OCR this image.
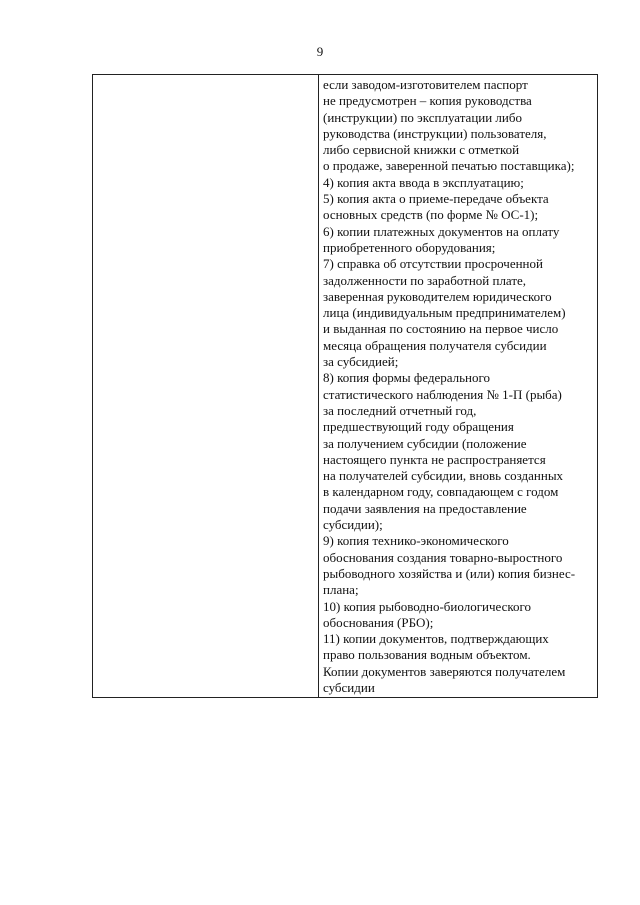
9

если заводом-изготовителем паспорт
не предусмотрен – копия руководства
(инструкции) по эксплуатации либо
руководства (инструкции) пользователя,
либо сервисной книжки с отметкой
о продаже, заверенной печатью поставщика);
4) копия акта ввода в эксплуатацию;
5) копия акта о приеме-передаче объекта
основных средств (по форме № ОС-1);
6) копии платежных документов на оплату
приобретенного оборудования;
7) справка об отсутствии просроченной
задолженности по заработной плате,
заверенная руководителем юридического
лица (индивидуальным предпринимателем)
и выданная по состоянию на первое число
месяца обращения получателя субсидии
за субсидией;
8) копия формы федерального
статистического наблюдения № 1-П (рыба)
за последний отчетный год,
предшествующий году обращения
за получением субсидии (положение
настоящего пункта не распространяется
на получателей субсидии, вновь созданных
в календарном году, совпадающем с годом
подачи заявления на предоставление
субсидии);
9) копия технико-экономического
обоснования создания товарно-выростного
рыбоводного хозяйства и (или) копия бизнес-
плана;
10) копия рыбоводно-биологического
обоснования (РБО);
11) копии документов, подтверждающих
право пользования водным объектом.
Копии документов заверяются получателем
субсидии
